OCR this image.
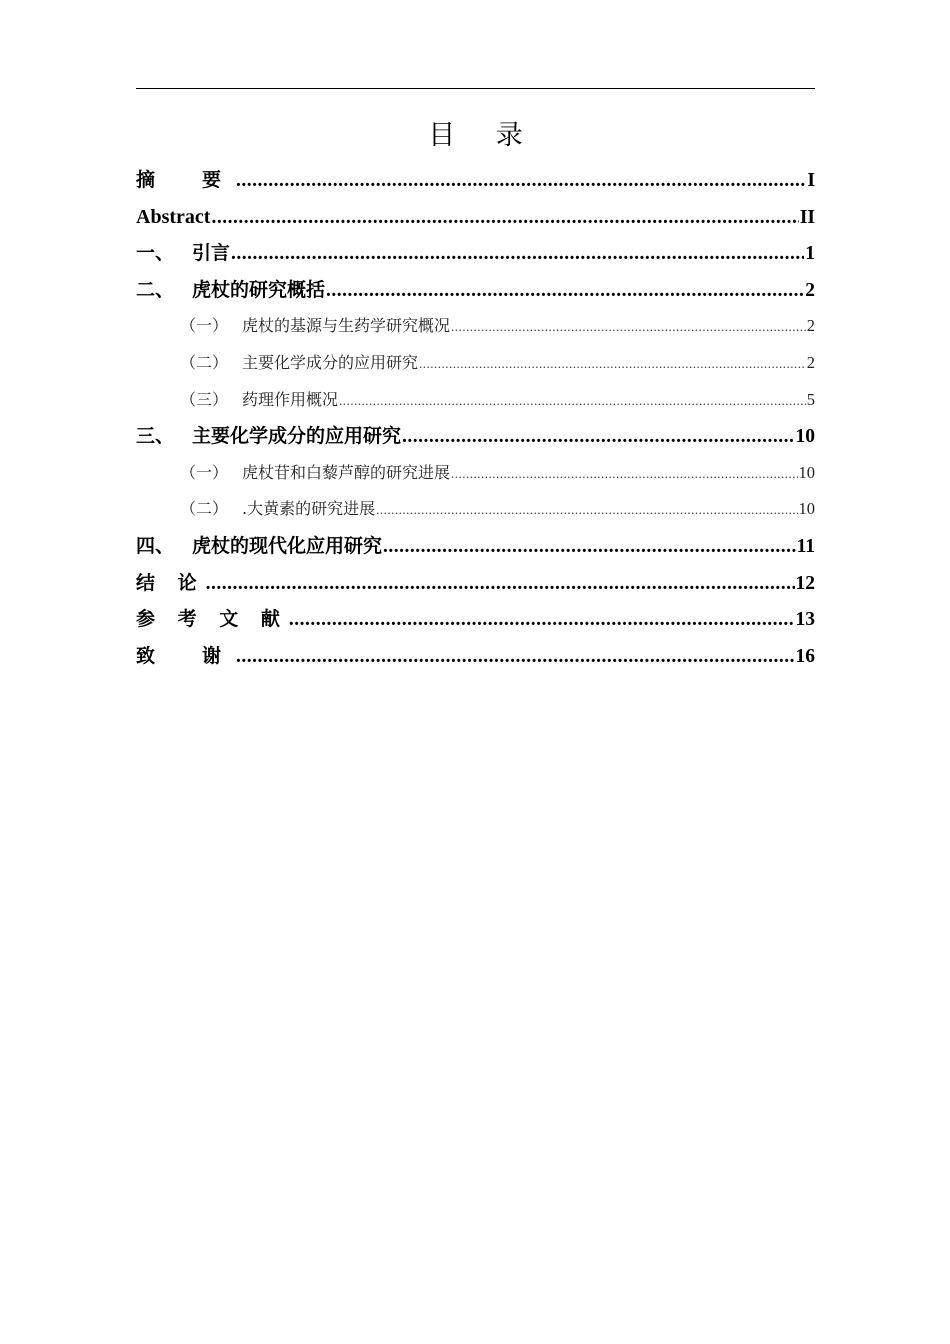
目 录
摘　要 .....	I
Abstract .....	II
一、 引言 .....	1
二、 虎杖的研究概括 .....	2
（一） 虎杖的基源与生药学研究概况 .....	2
（二） 主要化学成分的应用研究 .....	2
（三） 药理作用概况 .....	5
三、 主要化学成分的应用研究 .....	10
（一） 虎杖苷和白藜芦醇的研究进展 .....	10
（二） .大黄素的研究进展 .....	10
四、 虎杖的现代化应用研究 .....	11
结 论 .....	12
参 考 文 献 .....	13
致　谢 .....	16
